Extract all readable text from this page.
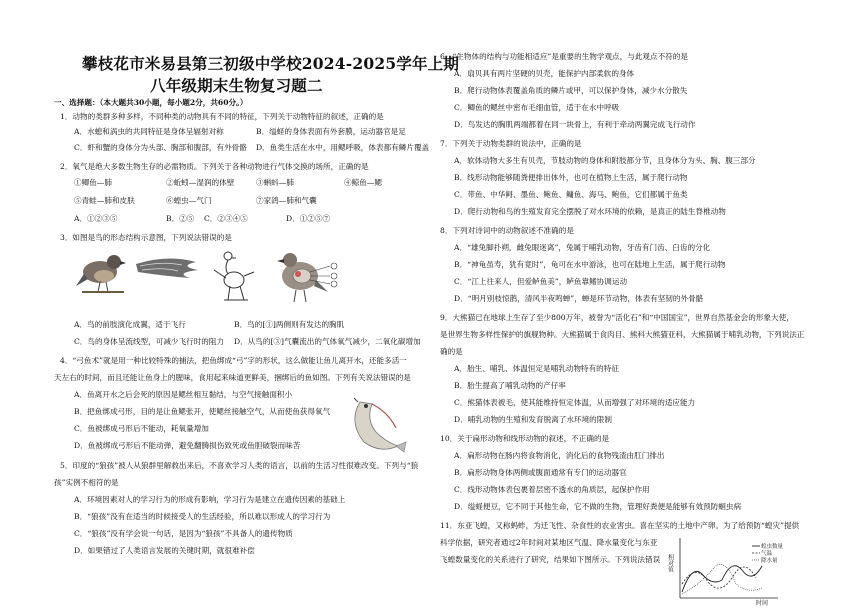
攀枝花市米易县第三初级中学校2024-2025学年上期
八年级期末生物复习题二
一、选择题：（本大题共30小题，每小题2分，共60分。）
1．动物的类群多种多样，不同种类的动物具有不同的特征，下列关于动物特征的叙述，正确的是
A．水螅和涡虫的共同特征是身体呈辐射对称	B．缢蛏的身体表面有外套膜，运动器官是足
C．虾和蟹的身体分为头部、胸部和腹部，有外骨骼 D．鱼类生活在水中，用鳃呼吸，体表都有鳞片覆盖
2．氧气是绝大多数生物生存的必需物质。下列关于各种动物进行气体交换的场所，正确的是
①鲫鱼—肺	②蚯蚓—湿润的体壁	③蝌蚪—肺	④鲸鱼—鳃
⑤青蛙—肺和皮肤	⑥蝗虫—气门	⑦家鸽—肺和气囊
A．①②③⑤	B．②⑤ C．②③④⑤	D．①②⑤⑦
3．如图是鸟的形态结构示意图，下列说法错误的是
A．鸟的前肢演化成翼，适于飞行	B．鸟的[①]两侧则有发达的胸肌
C．鸟的身体呈流线型，可减少飞行时的阻力 D．从鸟的[③]气囊流出的气体氧气减少，二氧化碳增加
4．“弓鱼术”就是用一种比较特殊的捕法，把鱼绑成“弓”字的形状，这么做能让鱼儿离开水，还能多活一
天左右的时间，而且还能让鱼身上的腥味，食用起来味道更鲜美，捆绑后的鱼如图。下列有关说法错误的是
A．鱼离开水之后会死的原因是鳃丝相互黏结，与空气接触面积小
B．把鱼绑成弓形，目的是让鱼鳃张开，使鳃丝接触空气，从而使鱼获得氧气
C．鱼被绑成弓形后不能动，耗氧量增加
D．鱼被绑成弓形后不能动弹，避免翻腾损伤致死或鱼胆破裂而味苦
5．印度的“狼孩”被人从狼群里解救出来后，不喜欢学习人类的语言，以前的生活习性很难改变。下列与“狼
孩”实例不相符的是
A．环境因素对人的学习行为的形成有影响，学习行为是建立在遗传因素的基础上
B．“狼孩”没有在适当的时候接受人的生活经验，所以难以形成人的学习行为
C．“狼孩”没有学会说一句话，是因为“狼孩”不具备人的遗传物质
D．如果错过了人类语言发展的关键时期，就很难补偿
6．“生物体的结构与功能相适应”是重要的生物学观点，与此观点不符的是
A．扇贝具有两片坚硬的贝壳，能保护内部柔软的身体
B．爬行动物体表覆盖角质的鳞片或甲，可以保护身体，减少水分散失
C．鲫鱼的鳃丝中密布毛细血管，适于在水中呼吸
D．鸟发达的胸肌两端都着在同一块骨上，有利于牵动两翼完成飞行动作
7．下列关于动物类群的说法中，正确的是
A．软体动物大多生有贝壳，节肢动物的身体和附肢都分节，且身体分为头、胸、腹三部分
B．线形动物能够随粪便排出体外，也可在植物上生活，属于爬行动物
C．带鱼、中华鲟、墨鱼、鲍鱼、鳙鱼、海马、鲍鱼，它们都属于鱼类
D．爬行动物和鸟的生殖发育完全摆脱了对水环境的依赖，是真正的陆生脊椎动物
8．下列对诗词中的动物叙述不准确的是
A．“雄兔脚扑朔，雌兔眼迷离”，兔属于哺乳动物，牙齿有门齿、臼齿的分化
B．“神龟虽寿，犹有竟时”，龟可在水中游泳，也可在陆地上生活，属于爬行动物
C．“江上往来人，但爱鲈鱼美”，鲈鱼靠鳍协调运动
D．“明月别枝惊鹊，清风半夜鸣蝉”，蝉是环节动物，体表有坚韧的外骨骼
9．大熊猫已在地球上生存了至少800万年，被誉为“活化石”和“中国国宝”，世界自然基金会的形象大使，
是世界生物多样性保护的旗舰物种。大熊猫属于食肉目、熊科大熊猫亚科，大熊猫属于哺乳动物，下列说法正
确的是
A．胎生、哺乳、体温恒定是哺乳动物特有的特征
B．胎生提高了哺乳动物的产仔率
C．熊猫体表被毛，使其能维持恒定体温，从而增强了对环境的适应能力
D．哺乳动物的生殖和发育脱离了水环境的限制
10．关于扁形动物和线形动物的叙述，不正确的是
A．扁形动物在肠内将食物消化，消化后的食物残渣由肛门排出
B．扁形动物身体两侧或腹面通常有专门的运动器官
C．线形动物体表包裹着层密不透水的角质层，起保护作用
D．缢蛏便豆，它不同于其他生命，它不做的生物，管理好粪便是能够有效预防蛔虫病
11．东亚飞蝗，又称蚂蚱，为迁飞性、杂食性的农业害虫。喜在坚实的土地中产卵。为了给预防“蝗灾”提供
科学依据，研究者通过2年时间对某地区气温、降水量变化与东亚
飞蝗数量变化的关系进行了研究，结果如下图所示。下列说法错误 相对值
时间
蝗虫数量
气温
降水量
